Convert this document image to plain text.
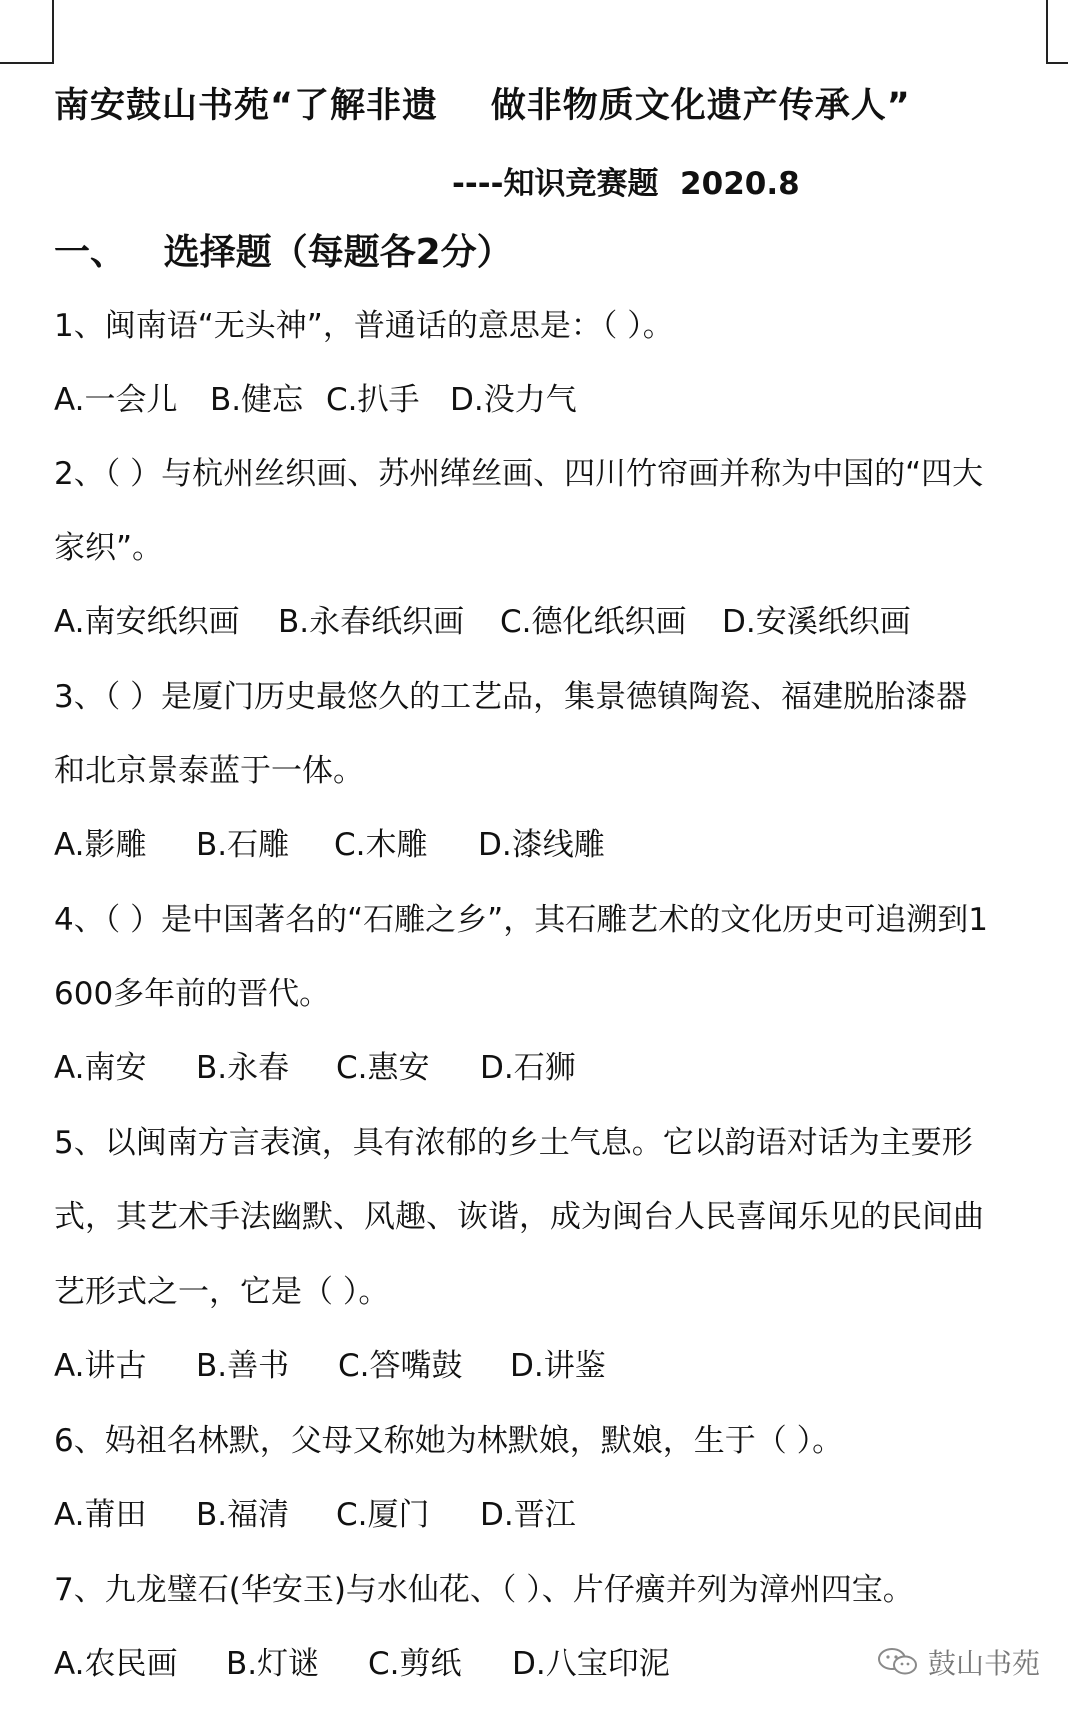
南安鼓山书苑“了解非遗    做非物质文化遗产传承人”
----知识竞赛题  2020.8
一、   选择题（每题各2分）
1、闽南语“无头神”，普通话的意思是：（ ）。
A.一会儿	B.健忘 C.扒手 D.没力气
2、（ ）与杭州丝织画、苏州缂丝画、四川竹帘画并称为中国的“四大
家织”。
A.南安纸织画	B.永春纸织画	C.德化纸织画	D.安溪纸织画
3、（ ）是厦门历史最悠久的工艺品，集景德镇陶瓷、福建脱胎漆器
和北京景泰蓝于一体。
A.影雕	B.石雕	C.木雕	D.漆线雕
4、（ ）是中国著名的“石雕之乡”，其石雕艺术的文化历史可追溯到1
600多年前的晋代。
A.南安	B.永春	C.惠安	D.石狮
5、以闽南方言表演，具有浓郁的乡土气息。它以韵语对话为主要形
式，其艺术手法幽默、风趣、诙谐，成为闽台人民喜闻乐见的民间曲
艺形式之一，它是（ ）。
A.讲古	B.善书	C.答嘴鼓	D.讲鉴
6、妈祖名林默，父母又称她为林默娘，默娘，生于（ ）。
A.莆田	B.福清	C.厦门	D.晋江
7、九龙璧石(华安玉)与水仙花、（ ）、片仔癀并列为漳州四宝。
A.农民画	B.灯谜	C.剪纸	D.八宝印泥	鼓山书苑
